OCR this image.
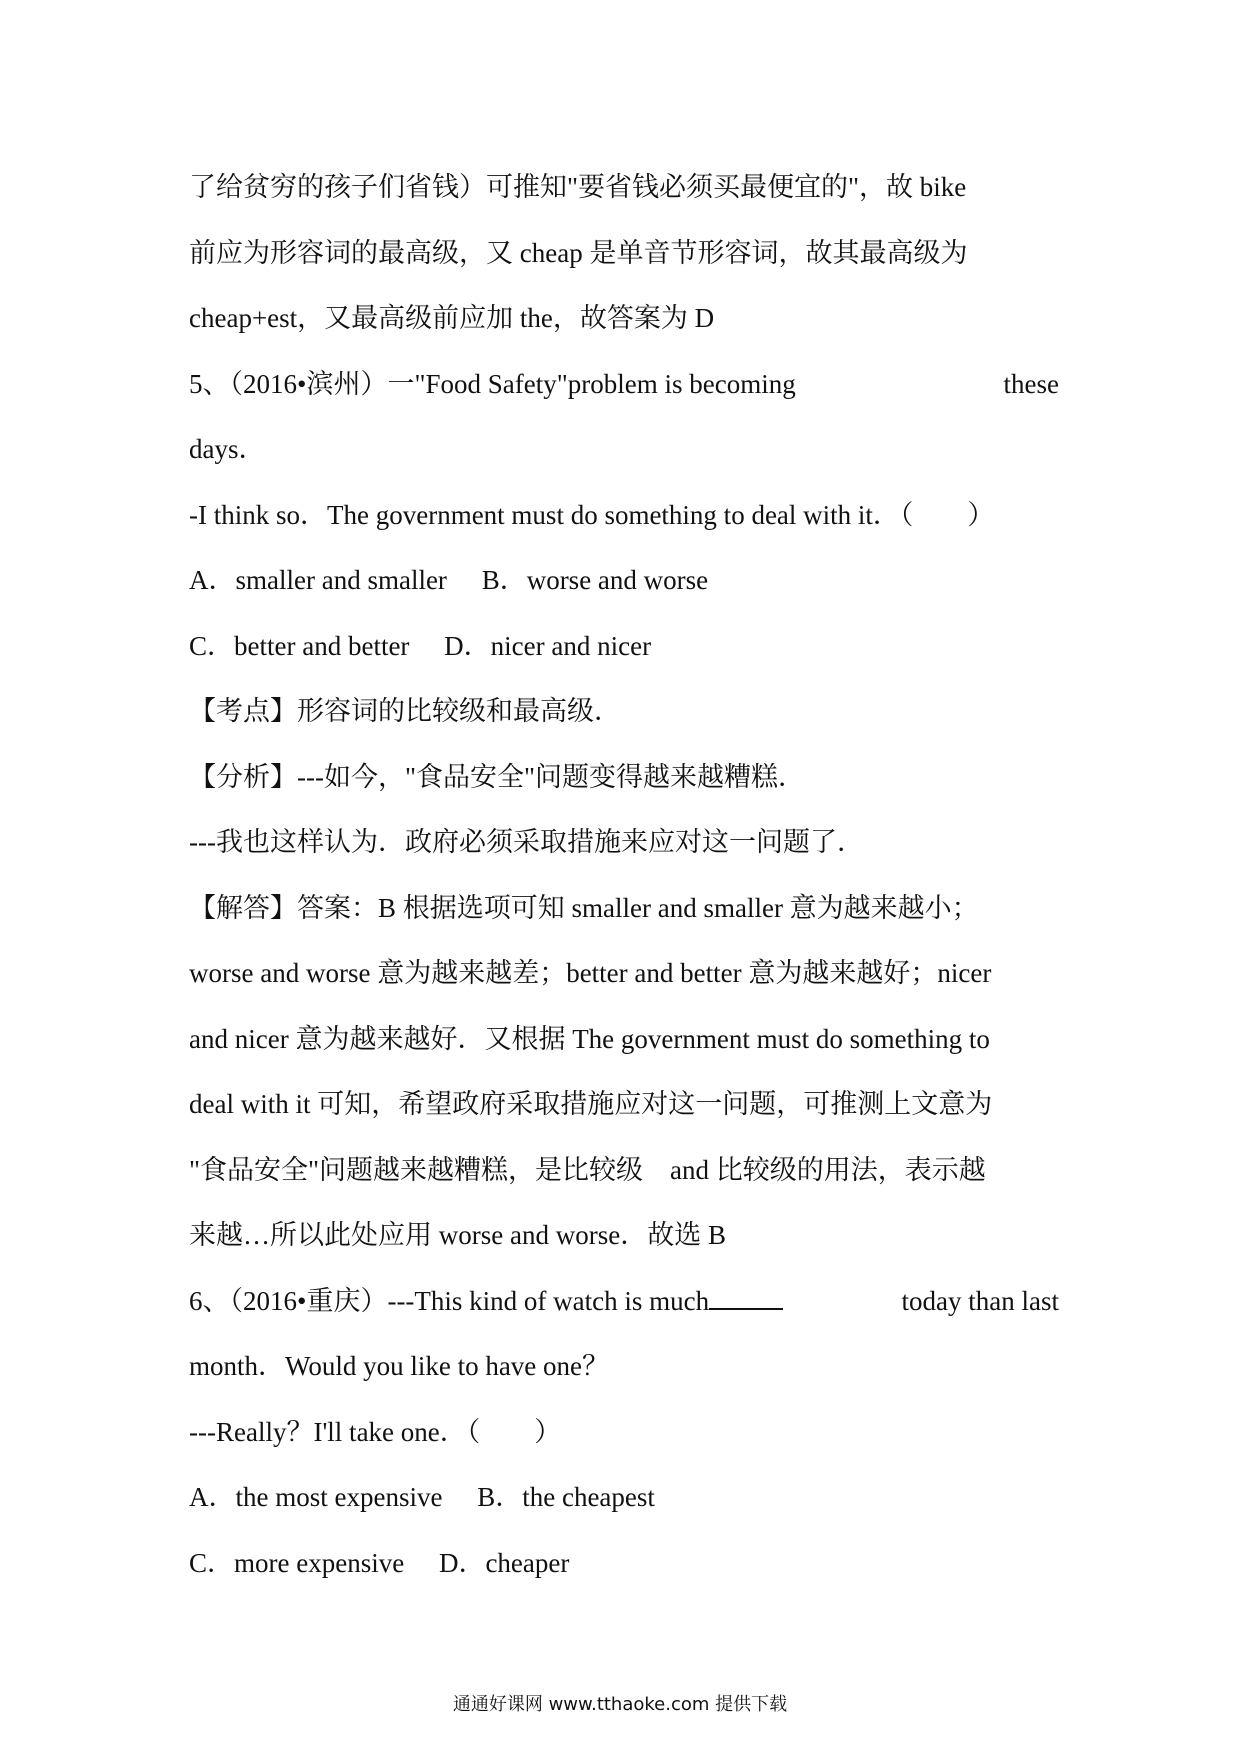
了给贫穷的孩子们省钱）可推知"要省钱必须买最便宜的"，故 bike
前应为形容词的最高级，又 cheap 是单音节形容词，故其最高级为
cheap+est，又最高级前应加 the，故答案为 D
5、（2016•滨州）一"Food Safety"problem is becoming	these
days．
-I think so．The government must do something to deal with it．（　　）
A．smaller and smaller B．worse and worse
C．better and better D．nicer and nicer
【考点】形容词的比较级和最高级．
【分析】---如今，"食品安全"问题变得越来越糟糕．
---我也这样认为．政府必须采取措施来应对这一问题了．
【解答】答案：B 根据选项可知 smaller and smaller 意为越来越小；
worse and worse 意为越来越差；better and better 意为越来越好；nicer
and nicer 意为越来越好．又根据 The government must do something to
deal with it 可知，希望政府采取措施应对这一问题，可推测上文意为
"食品安全"问题越来越糟糕，是比较级　and 比较级的用法，表示越
来越…所以此处应用 worse and worse．故选 B
6、（2016•重庆）---This kind of watch is much	today than last
month．Would you like to have one？
---Really？I'll take one．（　　）
A．the most expensive B．the cheapest
C．more expensive D．cheaper
通通好课网 www.tthaoke.com 提供下载
